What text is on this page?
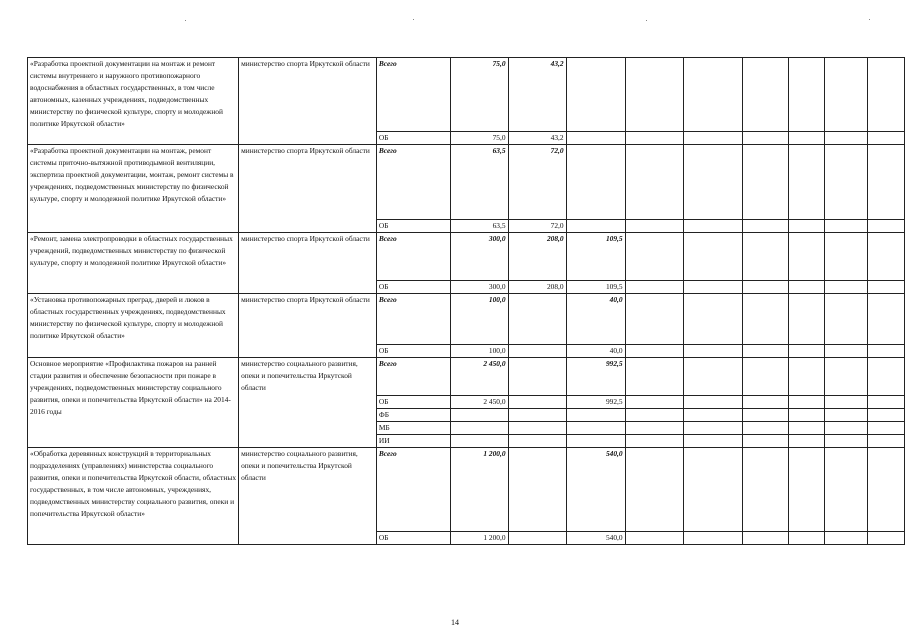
«Разработка проектной документации на монтаж и ремонт системы внутреннего и наружного противопожарного водоснабжения в областных государственных, в том числе автономных, казенных учреждениях, подведомственных министерству по физической культуре, спорту и молодежной политике Иркутской области»	министерство спорта Иркутской области	Всего	75,0	43,2							
		ОБ	75,0	43,2							
«Разработка проектной документации на монтаж, ремонт системы приточно-вытяжной противодымной вентиляции, экспертиза проектной документации, монтаж, ремонт системы в учреждениях, подведомственных министерству по физической культуре, спорту и молодежной политике Иркутской области»	министерство спорта Иркутской области	Всего	63,5	72,0							
		ОБ	63,5	72,0							
«Ремонт, замена электропроводки в областных государственных учреждений, подведомственных министерству по физической культуре, спорту и молодежной политике Иркутской области»	министерство спорта Иркутской области	Всего	300,0	208,0	109,5						
		ОБ	300,0	208,0	109,5						
«Установка противопожарных преград, дверей и люков в областных государственных учреждениях, подведомственных министерству по физической культуре, спорту и молодежной политике Иркутской области»	министерство спорта Иркутской области	Всего	100,0		40,0						
		ОБ	100,0		40,0						
Основное мероприятие «Профилактика пожаров на ранней стадии развития и обеспечение безопасности при пожаре в учреждениях, подведомственных министерству социального развития, опеки и попечительства Иркутской области» на 2014-2016 годы	министерство социального развития, опеки и попечительства Иркутской области	Всего	2 450,0		992,5						
		ОБ	2 450,0		992,5						
		ФБ									
		МБ									
		ИИ									
«Обработка деревянных конструкций в территориальных подразделениях (управлениях) министерства социального развития, опеки и попечительства Иркутской области, областных государственных, в том числе автономных, учреждениях, подведомственных министерству социального развития, опеки и попечительства Иркутской области»	министерство социального развития, опеки и попечительства Иркутской области	Всего	1 200,0		540,0						
		ОБ	1 200,0		540,0						
14
